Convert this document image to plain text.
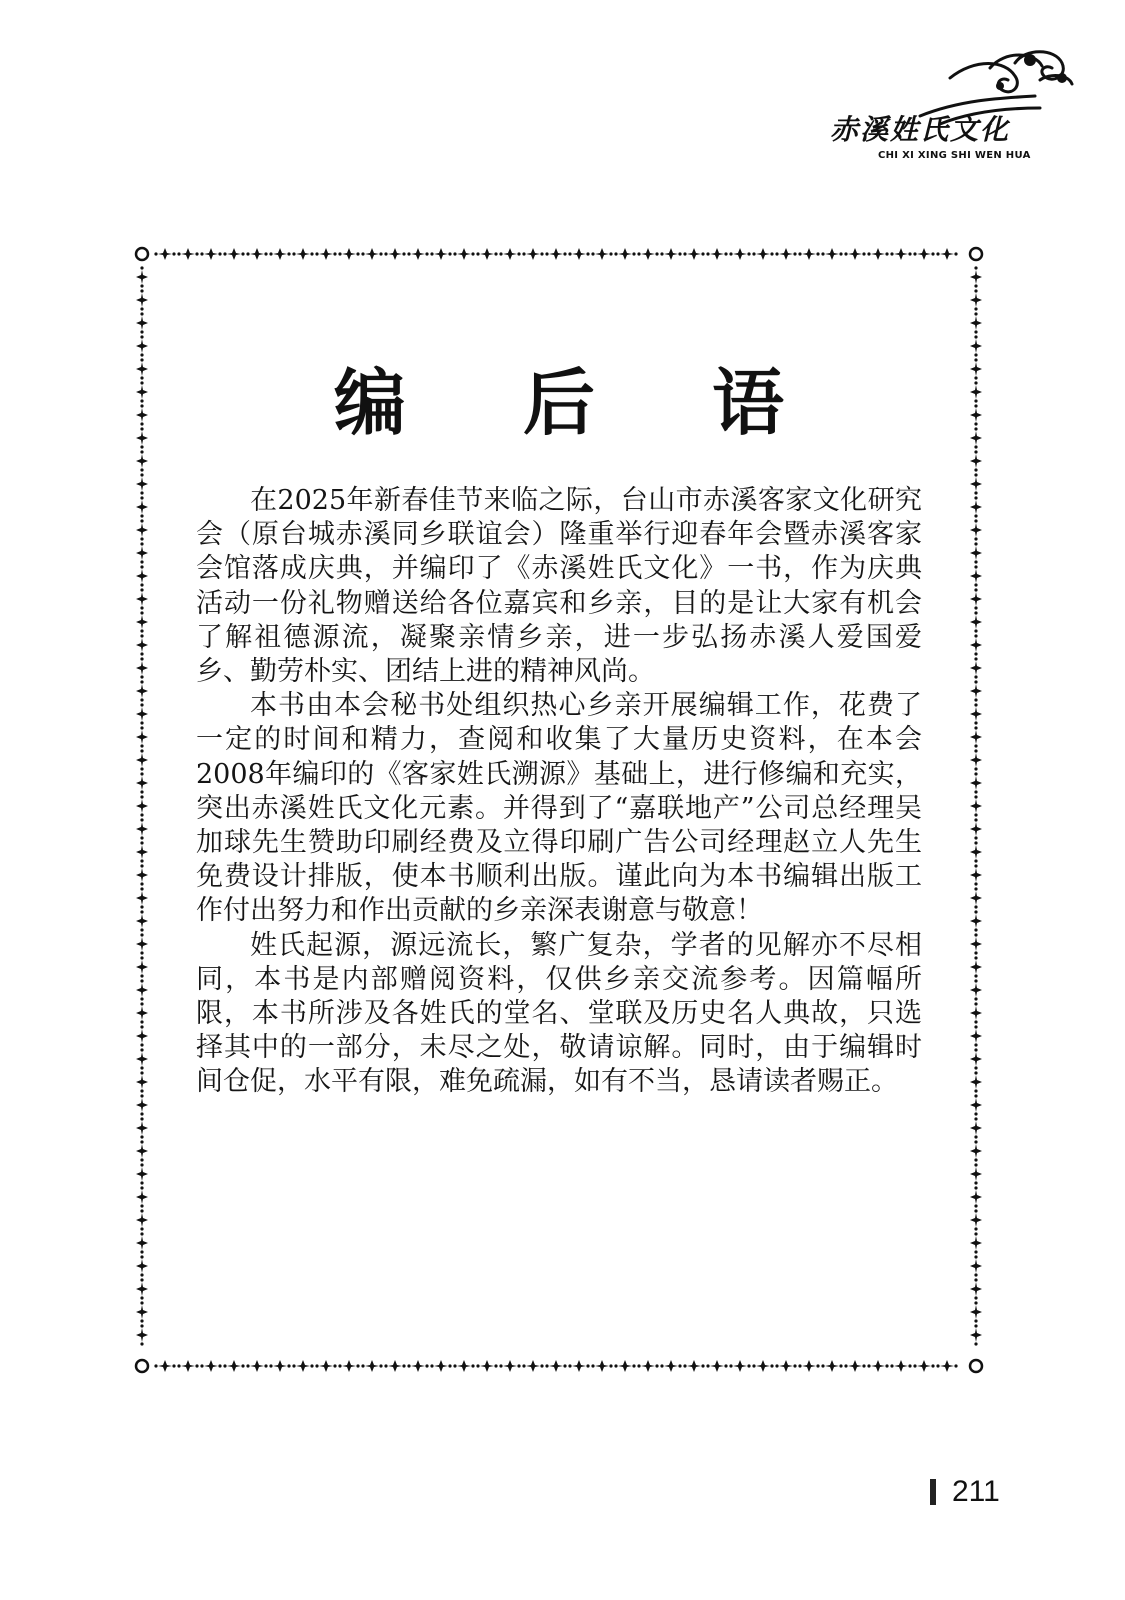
赤溪姓氏文化
CHI XI XING SHI WEN HUA
编 后 语

在2025年新春佳节来临之际，台山市赤溪客家文化研究会（原台城赤溪同乡联谊会）隆重举行迎春年会暨赤溪客家会馆落成庆典，并编印了《赤溪姓氏文化》一书，作为庆典活动一份礼物赠送给各位嘉宾和乡亲，目的是让大家有机会了解祖德源流，凝聚亲情乡亲，进一步弘扬赤溪人爱国爱乡、勤劳朴实、团结上进的精神风尚。

本书由本会秘书处组织热心乡亲开展编辑工作，花费了一定的时间和精力，查阅和收集了大量历史资料，在本会2008年编印的《客家姓氏溯源》基础上，进行修编和充实，突出赤溪姓氏文化元素。并得到了“嘉联地产”公司总经理吴加球先生赞助印刷经费及立得印刷广告公司经理赵立人先生免费设计排版，使本书顺利出版。谨此向为本书编辑出版工作付出努力和作出贡献的乡亲深表谢意与敬意！

姓氏起源，源远流长，繁广复杂，学者的见解亦不尽相同，本书是内部赠阅资料，仅供乡亲交流参考。因篇幅所限，本书所涉及各姓氏的堂名、堂联及历史名人典故，只选择其中的一部分，未尽之处，敬请谅解。同时，由于编辑时间仓促，水平有限，难免疏漏，如有不当，恳请读者赐正。

211
